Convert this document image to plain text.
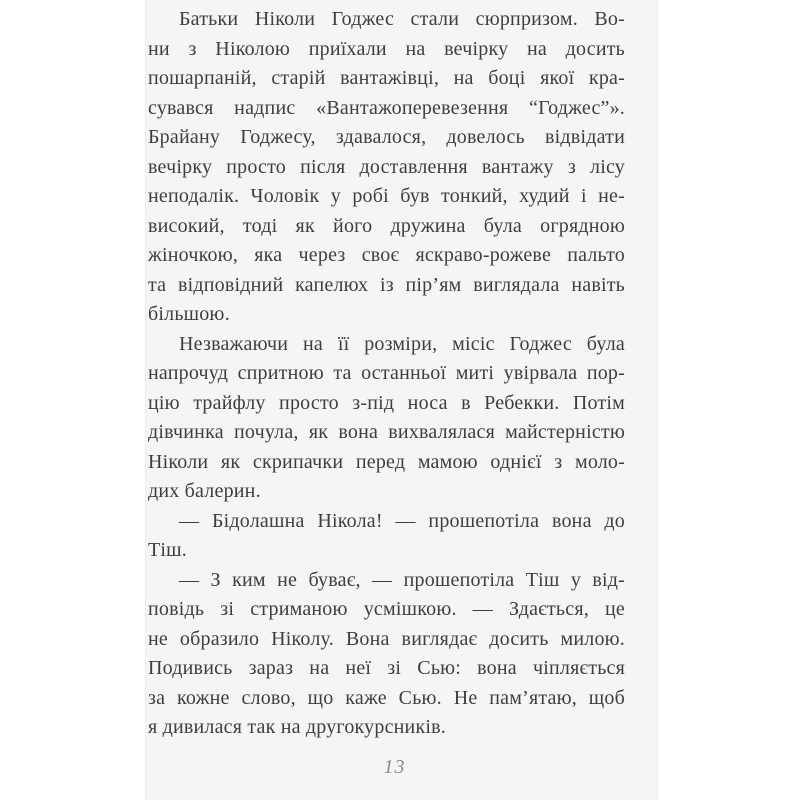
Батьки Ніколи Годжес стали сюрпризом. Во-
ни з Ніколою приїхали на вечірку на досить
пошарпаній, старій вантажівці, на боці якої кра-
сувався надпис «Вантажоперевезення “Годжес”».
Брайану Годжесу, здавалося, довелось відвідати
вечірку просто після доставлення вантажу з лісу
неподалік. Чоловік у робі був тонкий, худий і не-
високий, тоді як його дружина була огрядною
жіночкою, яка через своє яскраво-рожеве пальто
та відповідний капелюх із пір’ям виглядала навіть
більшою.
Незважаючи на її розміри, місіс Годжес була
напрочуд спритною та останньої миті увірвала пор-
цію трайфлу просто з-під носа в Ребекки. Потім
дівчинка почула, як вона вихвалялася майстерністю
Ніколи як скрипачки перед мамою однієї з моло-
дих балерин.
— Бідолашна Нікола! — прошепотіла вона до
Тіш.
— З ким не буває, — прошепотіла Тіш у від-
повідь зі стриманою усмішкою. — Здається, це
не образило Ніколу. Вона виглядає досить милою.
Подивись зараз на неї зі Сью: вона чіпляється
за кожне слово, що каже Сью. Не пам’ятаю, щоб
я дивилася так на другокурсників.
13
